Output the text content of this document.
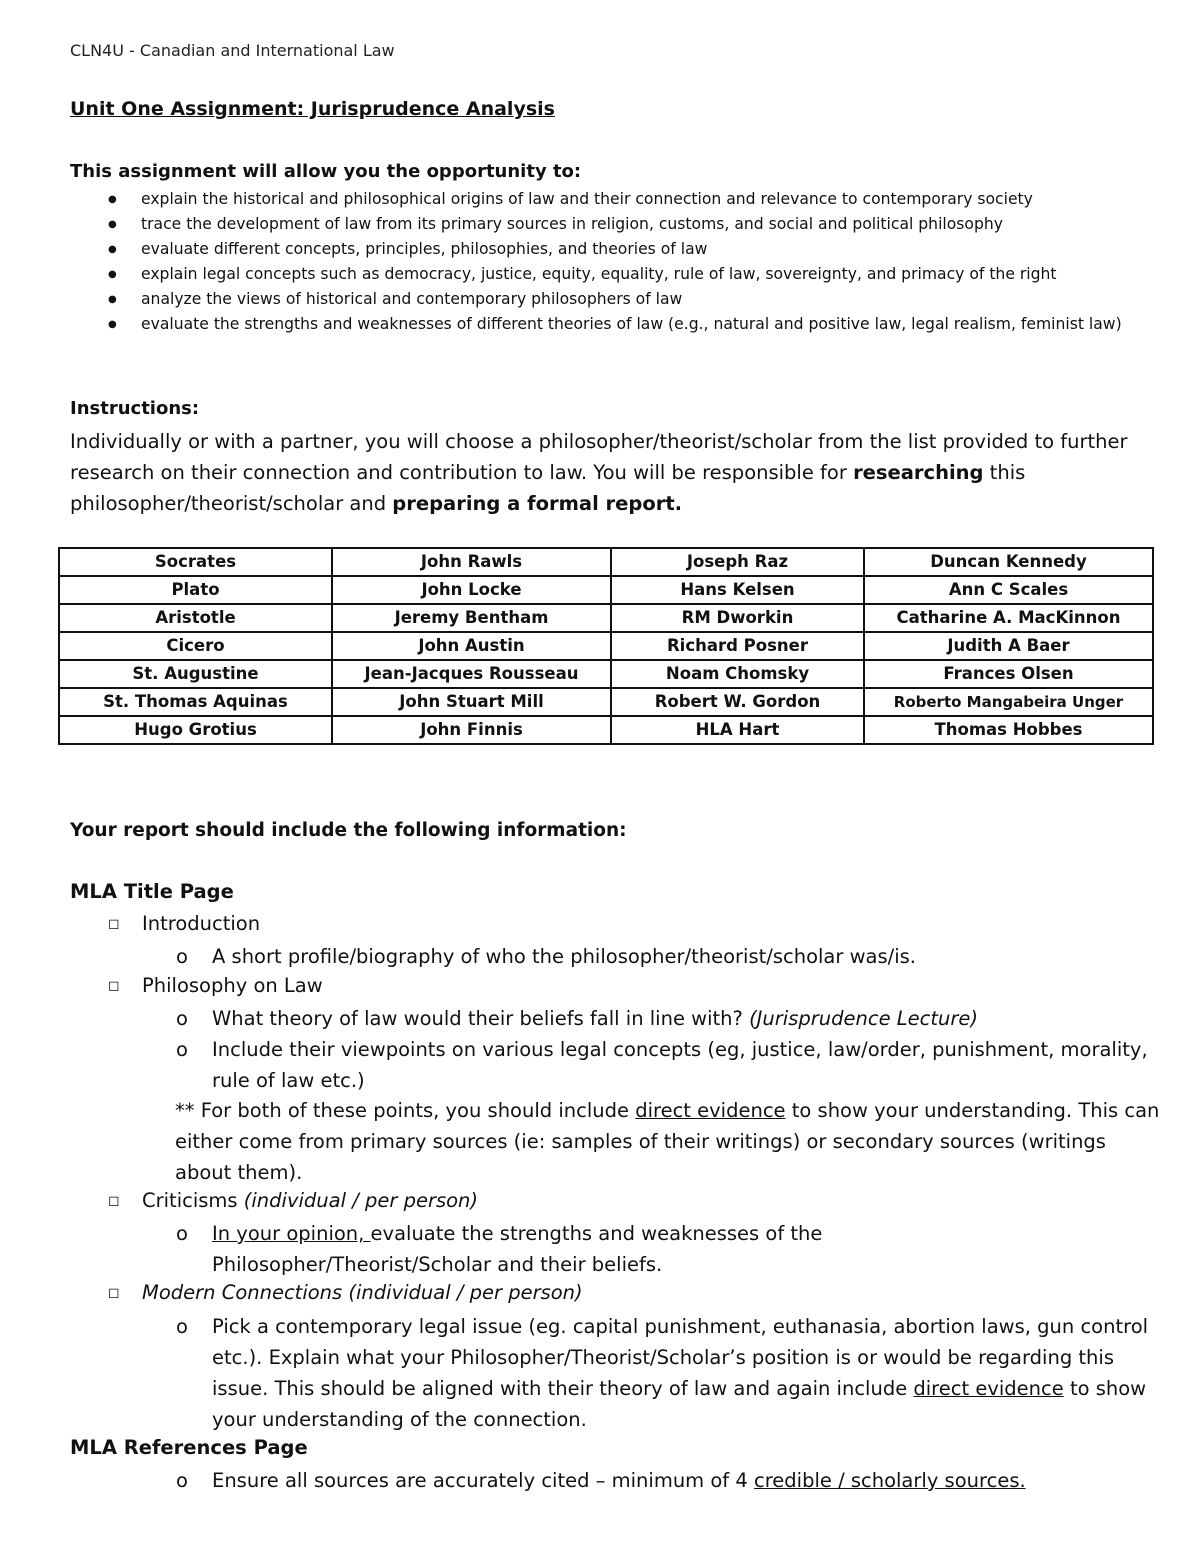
CLN4U - Canadian and International Law
Unit One Assignment: Jurisprudence Analysis
This assignment will allow you the opportunity to:
● explain the historical and philosophical origins of law and their connection and relevance to contemporary society
● trace the development of law from its primary sources in religion, customs, and social and political philosophy
● evaluate different concepts, principles, philosophies, and theories of law
● explain legal concepts such as democracy, justice, equity, equality, rule of law, sovereignty, and primacy of the right
● analyze the views of historical and contemporary philosophers of law
● evaluate the strengths and weaknesses of different theories of law (e.g., natural and positive law, legal realism, feminist law)
Instructions:
Individually or with a partner, you will choose a philosopher/theorist/scholar from the list provided to further research on their connection and contribution to law. You will be responsible for researching this philosopher/theorist/scholar and preparing a formal report.
Socrates	John Rawls	Joseph Raz	Duncan Kennedy
Plato	John Locke	Hans Kelsen	Ann C Scales
Aristotle	Jeremy Bentham	RM Dworkin	Catharine A. MacKinnon
Cicero	John Austin	Richard Posner	Judith A Baer
St. Augustine	Jean-Jacques Rousseau	Noam Chomsky	Frances Olsen
St. Thomas Aquinas	John Stuart Mill	Robert W. Gordon	Roberto Mangabeira Unger
Hugo Grotius	John Finnis	HLA Hart	Thomas Hobbes
Your report should include the following information:
MLA Title Page
◻ Introduction
o A short profile/biography of who the philosopher/theorist/scholar was/is.
◻ Philosophy on Law
o What theory of law would their beliefs fall in line with? (Jurisprudence Lecture)
o Include their viewpoints on various legal concepts (eg, justice, law/order, punishment, morality, rule of law etc.)
** For both of these points, you should include direct evidence to show your understanding. This can either come from primary sources (ie: samples of their writings) or secondary sources (writings about them).
◻ Criticisms (individual / per person)
o In your opinion, evaluate the strengths and weaknesses of the Philosopher/Theorist/Scholar and their beliefs.
◻ Modern Connections (individual / per person)
o Pick a contemporary legal issue (eg. capital punishment, euthanasia, abortion laws, gun control etc.). Explain what your Philosopher/Theorist/Scholar’s position is or would be regarding this issue. This should be aligned with their theory of law and again include direct evidence to show your understanding of the connection.
MLA References Page
o Ensure all sources are accurately cited – minimum of 4 credible / scholarly sources.
